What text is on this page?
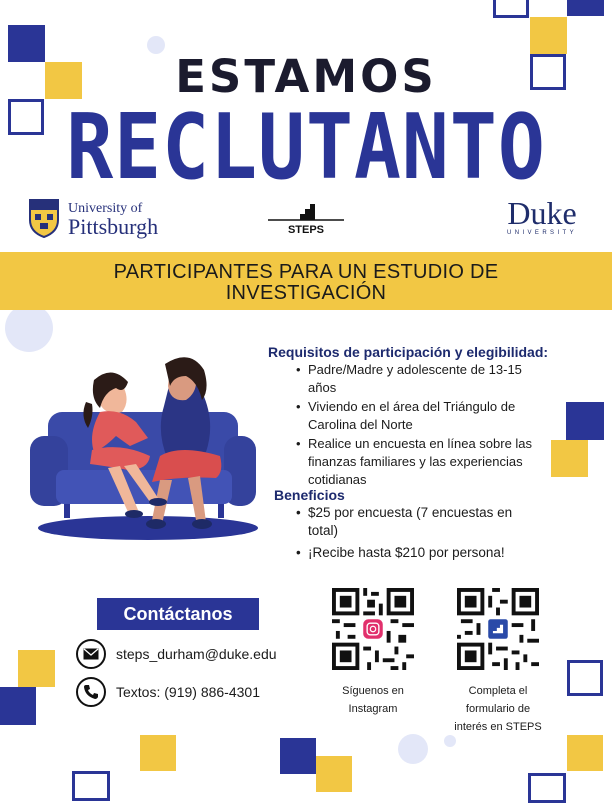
ESTAMOS
RECLUTANTO
University of
Pittsburgh	STEPS	Duke
UNIVERSITY
PARTICIPANTES PARA UN ESTUDIO DE
INVESTIGACIÓN
Requisitos de participación y elegibilidad:
• Padre/Madre y adolescente de 13-15 años
• Viviendo en el área del Triángulo de Carolina del Norte
• Realice un encuesta en línea sobre las finanzas familiares y las experiencias cotidianas
Beneficios
• $25 por encuesta (7 encuestas en total)
• ¡Recibe hasta $210 por persona!
Contáctanos
steps_durham@duke.edu
Textos: (919) 886-4301	Síguenos en
Instagram
Completa el
formulario de
interés en STEPS
